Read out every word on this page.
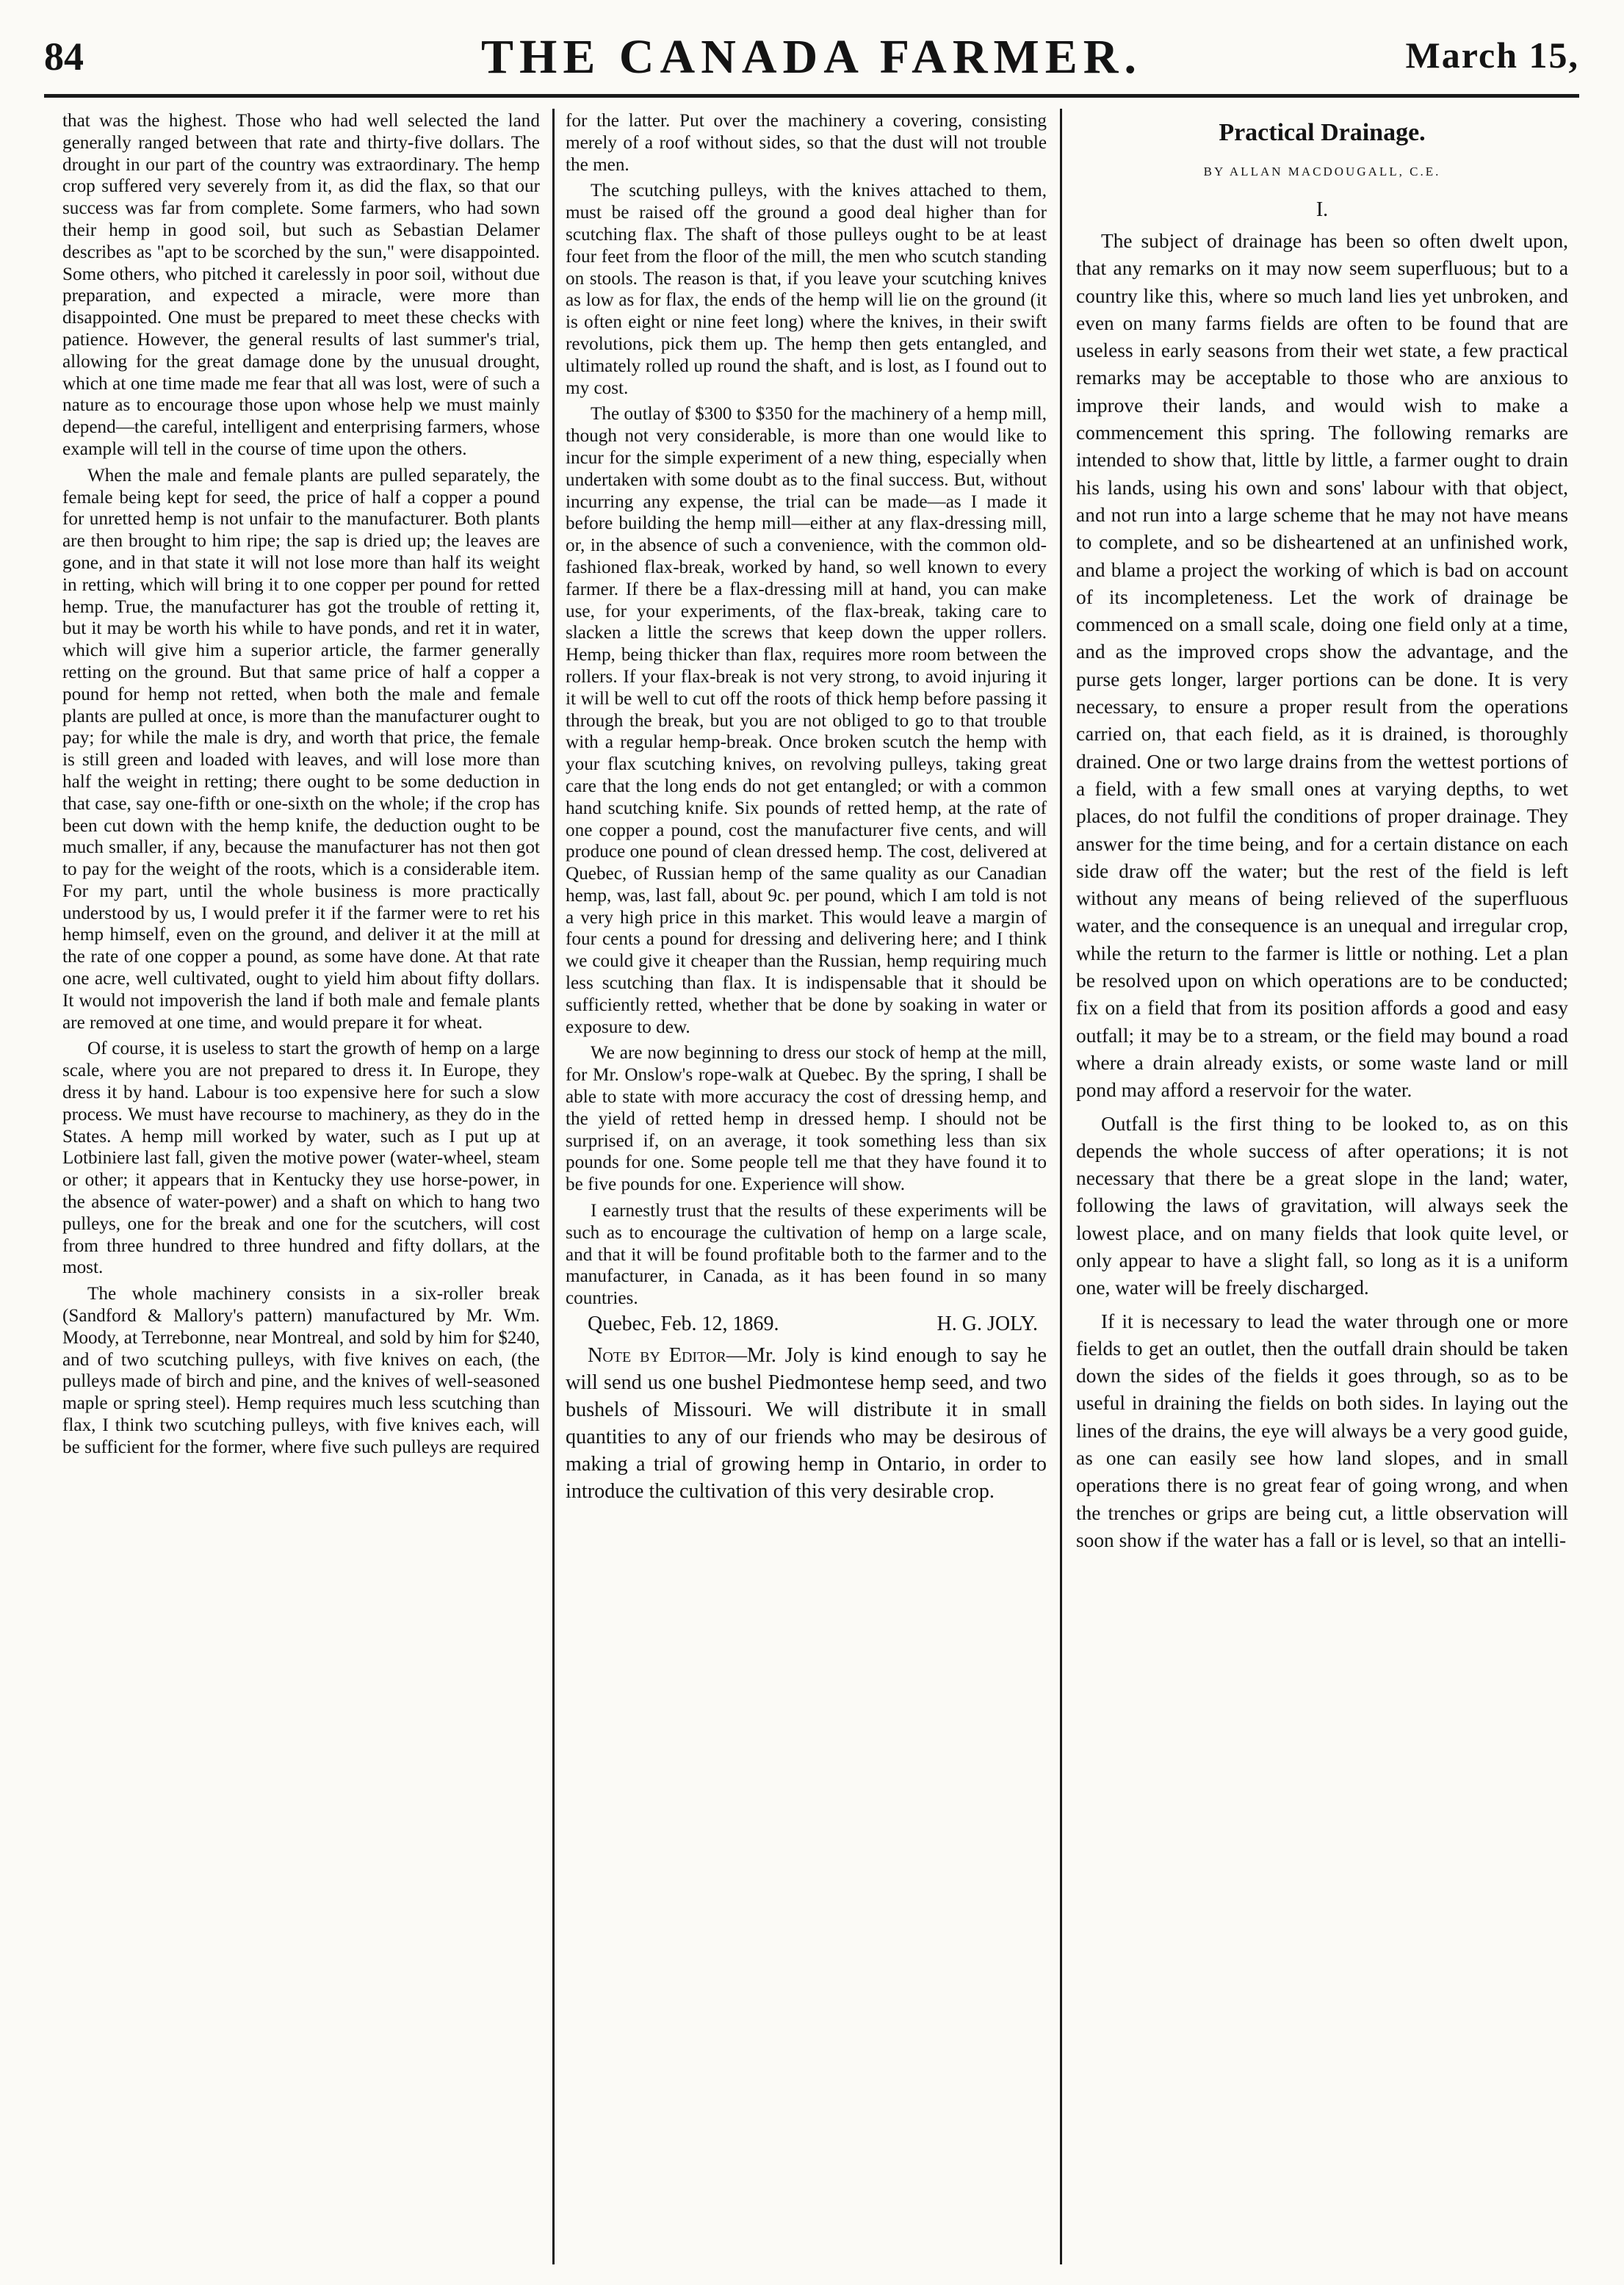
84	THE CANADA FARMER.	March 15,

that was the highest. Those who had well selected the land generally ranged between that rate and thirty-five dollars. The drought in our part of the country was extraordinary. The hemp crop suffered very severely from it, as did the flax, so that our success was far from complete. Some farmers, who had sown their hemp in good soil, but such as Sebastian Delamer describes as "apt to be scorched by the sun," were disappointed. Some others, who pitched it carelessly in poor soil, without due preparation, and expected a miracle, were more than disappointed. One must be prepared to meet these checks with patience. However, the general results of last summer's trial, allowing for the great damage done by the unusual drought, which at one time made me fear that all was lost, were of such a nature as to encourage those upon whose help we must mainly depend—the careful, intelligent and enterprising farmers, whose example will tell in the course of time upon the others.

When the male and female plants are pulled separately, the female being kept for seed, the price of half a copper a pound for unretted hemp is not unfair to the manufacturer. Both plants are then brought to him ripe; the sap is dried up; the leaves are gone, and in that state it will not lose more than half its weight in retting, which will bring it to one copper per pound for retted hemp. True, the manufacturer has got the trouble of retting it, but it may be worth his while to have ponds, and ret it in water, which will give him a superior article, the farmer generally retting on the ground. But that same price of half a copper a pound for hemp not retted, when both the male and female plants are pulled at once, is more than the manufacturer ought to pay; for while the male is dry, and worth that price, the female is still green and loaded with leaves, and will lose more than half the weight in retting; there ought to be some deduction in that case, say one-fifth or one-sixth on the whole; if the crop has been cut down with the hemp knife, the deduction ought to be much smaller, if any, because the manufacturer has not then got to pay for the weight of the roots, which is a considerable item. For my part, until the whole business is more practically understood by us, I would prefer it if the farmer were to ret his hemp himself, even on the ground, and deliver it at the mill at the rate of one copper a pound, as some have done. At that rate one acre, well cultivated, ought to yield him about fifty dollars. It would not impoverish the land if both male and female plants are removed at one time, and would prepare it for wheat.

Of course, it is useless to start the growth of hemp on a large scale, where you are not prepared to dress it. In Europe, they dress it by hand. Labour is too expensive here for such a slow process. We must have recourse to machinery, as they do in the States. A hemp mill worked by water, such as I put up at Lotbiniere last fall, given the motive power (water-wheel, steam or other; it appears that in Kentucky they use horse-power, in the absence of water-power) and a shaft on which to hang two pulleys, one for the break and one for the scutchers, will cost from three hundred to three hundred and fifty dollars, at the most.

The whole machinery consists in a six-roller break (Sandford & Mallory's pattern) manufactured by Mr. Wm. Moody, at Terrebonne, near Montreal, and sold by him for $240, and of two scutching pulleys, with five knives on each, (the pulleys made of birch and pine, and the knives of well-seasoned maple or spring steel). Hemp requires much less scutching than flax, I think two scutching pulleys, with five knives each, will be sufficient for the former, where five such pulleys are required

for the latter. Put over the machinery a covering, consisting merely of a roof without sides, so that the dust will not trouble the men.

The scutching pulleys, with the knives attached to them, must be raised off the ground a good deal higher than for scutching flax. The shaft of those pulleys ought to be at least four feet from the floor of the mill, the men who scutch standing on stools. The reason is that, if you leave your scutching knives as low as for flax, the ends of the hemp will lie on the ground (it is often eight or nine feet long) where the knives, in their swift revolutions, pick them up. The hemp then gets entangled, and ultimately rolled up round the shaft, and is lost, as I found out to my cost.

The outlay of $300 to $350 for the machinery of a hemp mill, though not very considerable, is more than one would like to incur for the simple experiment of a new thing, especially when undertaken with some doubt as to the final success. But, without incurring any expense, the trial can be made—as I made it before building the hemp mill—either at any flax-dressing mill, or, in the absence of such a convenience, with the common old-fashioned flax-break, worked by hand, so well known to every farmer. If there be a flax-dressing mill at hand, you can make use, for your experiments, of the flax-break, taking care to slacken a little the screws that keep down the upper rollers. Hemp, being thicker than flax, requires more room between the rollers. If your flax-break is not very strong, to avoid injuring it it will be well to cut off the roots of thick hemp before passing it through the break, but you are not obliged to go to that trouble with a regular hemp-break. Once broken scutch the hemp with your flax scutching knives, on revolving pulleys, taking great care that the long ends do not get entangled; or with a common hand scutching knife. Six pounds of retted hemp, at the rate of one copper a pound, cost the manufacturer five cents, and will produce one pound of clean dressed hemp. The cost, delivered at Quebec, of Russian hemp of the same quality as our Canadian hemp, was, last fall, about 9c. per pound, which I am told is not a very high price in this market. This would leave a margin of four cents a pound for dressing and delivering here; and I think we could give it cheaper than the Russian, hemp requiring much less scutching than flax. It is indispensable that it should be sufficiently retted, whether that be done by soaking in water or exposure to dew.

We are now beginning to dress our stock of hemp at the mill, for Mr. Onslow's rope-walk at Quebec. By the spring, I shall be able to state with more accuracy the cost of dressing hemp, and the yield of retted hemp in dressed hemp. I should not be surprised if, on an average, it took something less than six pounds for one. Some people tell me that they have found it to be five pounds for one. Experience will show.

I earnestly trust that the results of these experiments will be such as to encourage the cultivation of hemp on a large scale, and that it will be found profitable both to the farmer and to the manufacturer, in Canada, as it has been found in so many countries.

Quebec, Feb. 12, 1869.	H. G. JOLY.

Note by Editor—Mr. Joly is kind enough to say he will send us one bushel Piedmontese hemp seed, and two bushels of Missouri. We will distribute it in small quantities to any of our friends who may be desirous of making a trial of growing hemp in Ontario, in order to introduce the cultivation of this very desirable crop.

Practical Drainage.
BY ALLAN MACDOUGALL, C.E.
I.

The subject of drainage has been so often dwelt upon, that any remarks on it may now seem superfluous; but to a country like this, where so much land lies yet unbroken, and even on many farms fields are often to be found that are useless in early seasons from their wet state, a few practical remarks may be acceptable to those who are anxious to improve their lands, and would wish to make a commencement this spring. The following remarks are intended to show that, little by little, a farmer ought to drain his lands, using his own and sons' labour with that object, and not run into a large scheme that he may not have means to complete, and so be disheartened at an unfinished work, and blame a project the working of which is bad on account of its incompleteness. Let the work of drainage be commenced on a small scale, doing one field only at a time, and as the improved crops show the advantage, and the purse gets longer, larger portions can be done. It is very necessary, to ensure a proper result from the operations carried on, that each field, as it is drained, is thoroughly drained. One or two large drains from the wettest portions of a field, with a few small ones at varying depths, to wet places, do not fulfil the conditions of proper drainage. They answer for the time being, and for a certain distance on each side draw off the water; but the rest of the field is left without any means of being relieved of the superfluous water, and the consequence is an unequal and irregular crop, while the return to the farmer is little or nothing. Let a plan be resolved upon on which operations are to be conducted; fix on a field that from its position affords a good and easy outfall; it may be to a stream, or the field may bound a road where a drain already exists, or some waste land or mill pond may afford a reservoir for the water.

Outfall is the first thing to be looked to, as on this depends the whole success of after operations; it is not necessary that there be a great slope in the land; water, following the laws of gravitation, will always seek the lowest place, and on many fields that look quite level, or only appear to have a slight fall, so long as it is a uniform one, water will be freely discharged.

If it is necessary to lead the water through one or more fields to get an outlet, then the outfall drain should be taken down the sides of the fields it goes through, so as to be useful in draining the fields on both sides. In laying out the lines of the drains, the eye will always be a very good guide, as one can easily see how land slopes, and in small operations there is no great fear of going wrong, and when the trenches or grips are being cut, a little observation will soon show if the water has a fall or is level, so that an intelli-
